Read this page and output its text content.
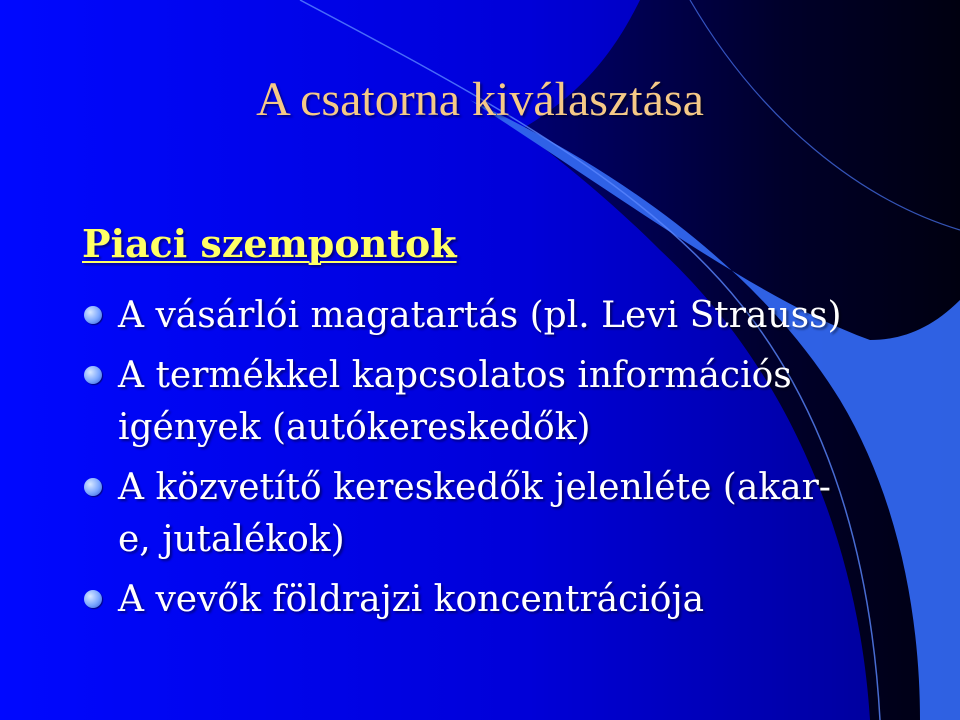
A csatorna kiválasztása
Piaci szempontok
A vásárlói magatartás (pl. Levi Strauss)
A termékkel kapcsolatos információs
igények (autókereskedők)
A közvetítő kereskedők jelenléte (akar-
e, jutalékok)
A vevők földrajzi koncentrációja
